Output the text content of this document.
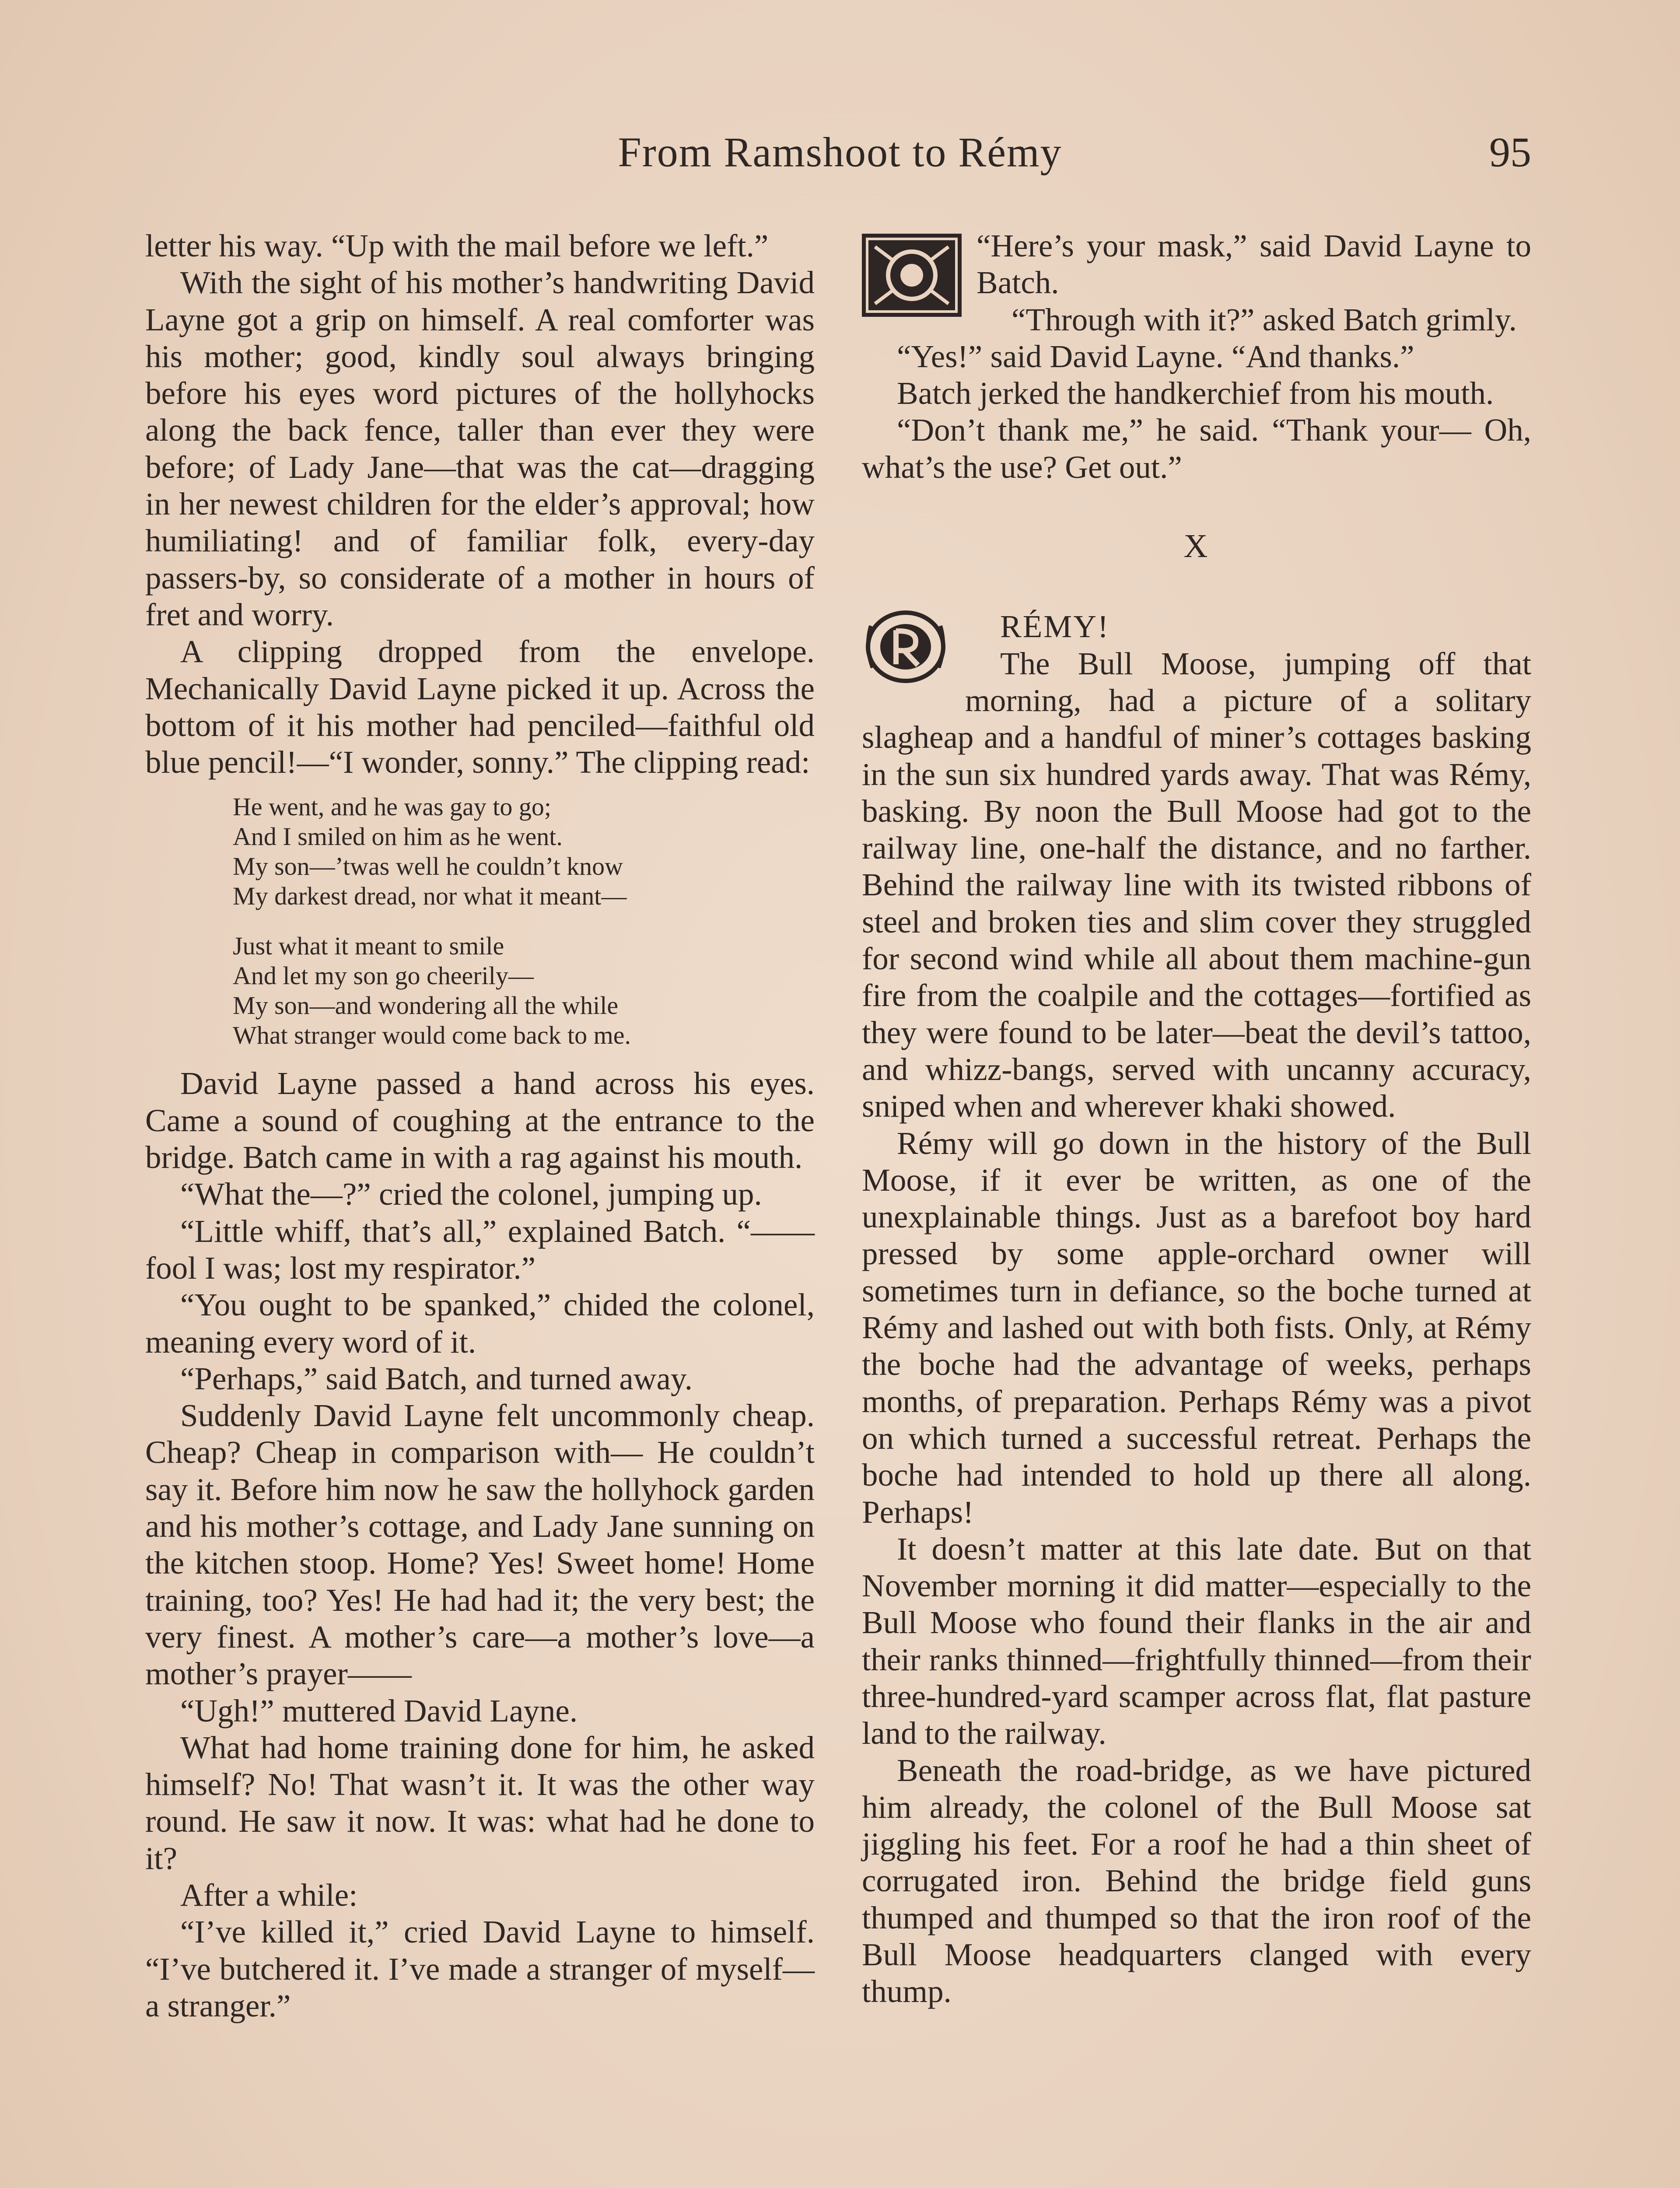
From Ramshoot to Rémy	95

letter his way. “Up with the mail before we left.”

With the sight of his mother’s handwriting David Layne got a grip on himself. A real comforter was his mother; good, kindly soul always bringing before his eyes word pictures of the hollyhocks along the back fence, taller than ever they were before; of Lady Jane—that was the cat—dragging in her newest children for the elder’s approval; how humiliating! and of familiar folk, every-day passers-by, so considerate of a mother in hours of fret and worry.

A clipping dropped from the envelope. Mechanically David Layne picked it up. Across the bottom of it his mother had penciled—faithful old blue pencil!—“I wonder, sonny.” The clipping read:

He went, and he was gay to go;
And I smiled on him as he went.
My son—’twas well he couldn’t know
My darkest dread, nor what it meant—
Just what it meant to smile
And let my son go cheerily—
My son—and wondering all the while
What stranger would come back to me.

David Layne passed a hand across his eyes. Came a sound of coughing at the entrance to the bridge. Batch came in with a rag against his mouth.

“What the—?” cried the colonel, jumping up.

“Little whiff, that’s all,” explained Batch. “—— fool I was; lost my respirator.”

“You ought to be spanked,” chided the colonel, meaning every word of it.

“Perhaps,” said Batch, and turned away.

Suddenly David Layne felt uncommonly cheap. Cheap? Cheap in comparison with— He couldn’t say it. Before him now he saw the hollyhock garden and his mother’s cottage, and Lady Jane sunning on the kitchen stoop. Home? Yes! Sweet home! Home training, too? Yes! He had had it; the very best; the very finest. A mother’s care—a mother’s love—a mother’s prayer——

“Ugh!” muttered David Layne.

What had home training done for him, he asked himself? No! That wasn’t it. It was the other way round. He saw it now. It was: what had he done to it?

After a while:

“I’ve killed it,” cried David Layne to himself. “I’ve butchered it. I’ve made a stranger of myself—a stranger.”

“Here’s your mask,” said David Layne to Batch.

“Through with it?” asked Batch grimly.

“Yes!” said David Layne. “And thanks.”

Batch jerked the handkerchief from his mouth.

“Don’t thank me,” he said. “Thank your— Oh, what’s the use? Get out.”

X

RÉMY!

The Bull Moose, jumping off that morning, had a picture of a solitary slagheap and a handful of miner’s cottages basking in the sun six hundred yards away. That was Rémy, basking. By noon the Bull Moose had got to the railway line, one-half the distance, and no farther. Behind the railway line with its twisted ribbons of steel and broken ties and slim cover they struggled for second wind while all about them machine-gun fire from the coalpile and the cottages—fortified as they were found to be later—beat the devil’s tattoo, and whizz-bangs, served with uncanny accuracy, sniped when and wherever khaki showed.

Rémy will go down in the history of the Bull Moose, if it ever be written, as one of the unexplainable things. Just as a barefoot boy hard pressed by some apple-orchard owner will sometimes turn in defiance, so the boche turned at Rémy and lashed out with both fists. Only, at Rémy the boche had the advantage of weeks, perhaps months, of preparation. Perhaps Rémy was a pivot on which turned a successful retreat. Perhaps the boche had intended to hold up there all along. Perhaps!

It doesn’t matter at this late date. But on that November morning it did matter—especially to the Bull Moose who found their flanks in the air and their ranks thinned—frightfully thinned—from their three-hundred-yard scamper across flat, flat pasture land to the railway.

Beneath the road-bridge, as we have pictured him already, the colonel of the Bull Moose sat jiggling his feet. For a roof he had a thin sheet of corrugated iron. Behind the bridge field guns thumped and thumped so that the iron roof of the Bull Moose headquarters clanged with every thump.
